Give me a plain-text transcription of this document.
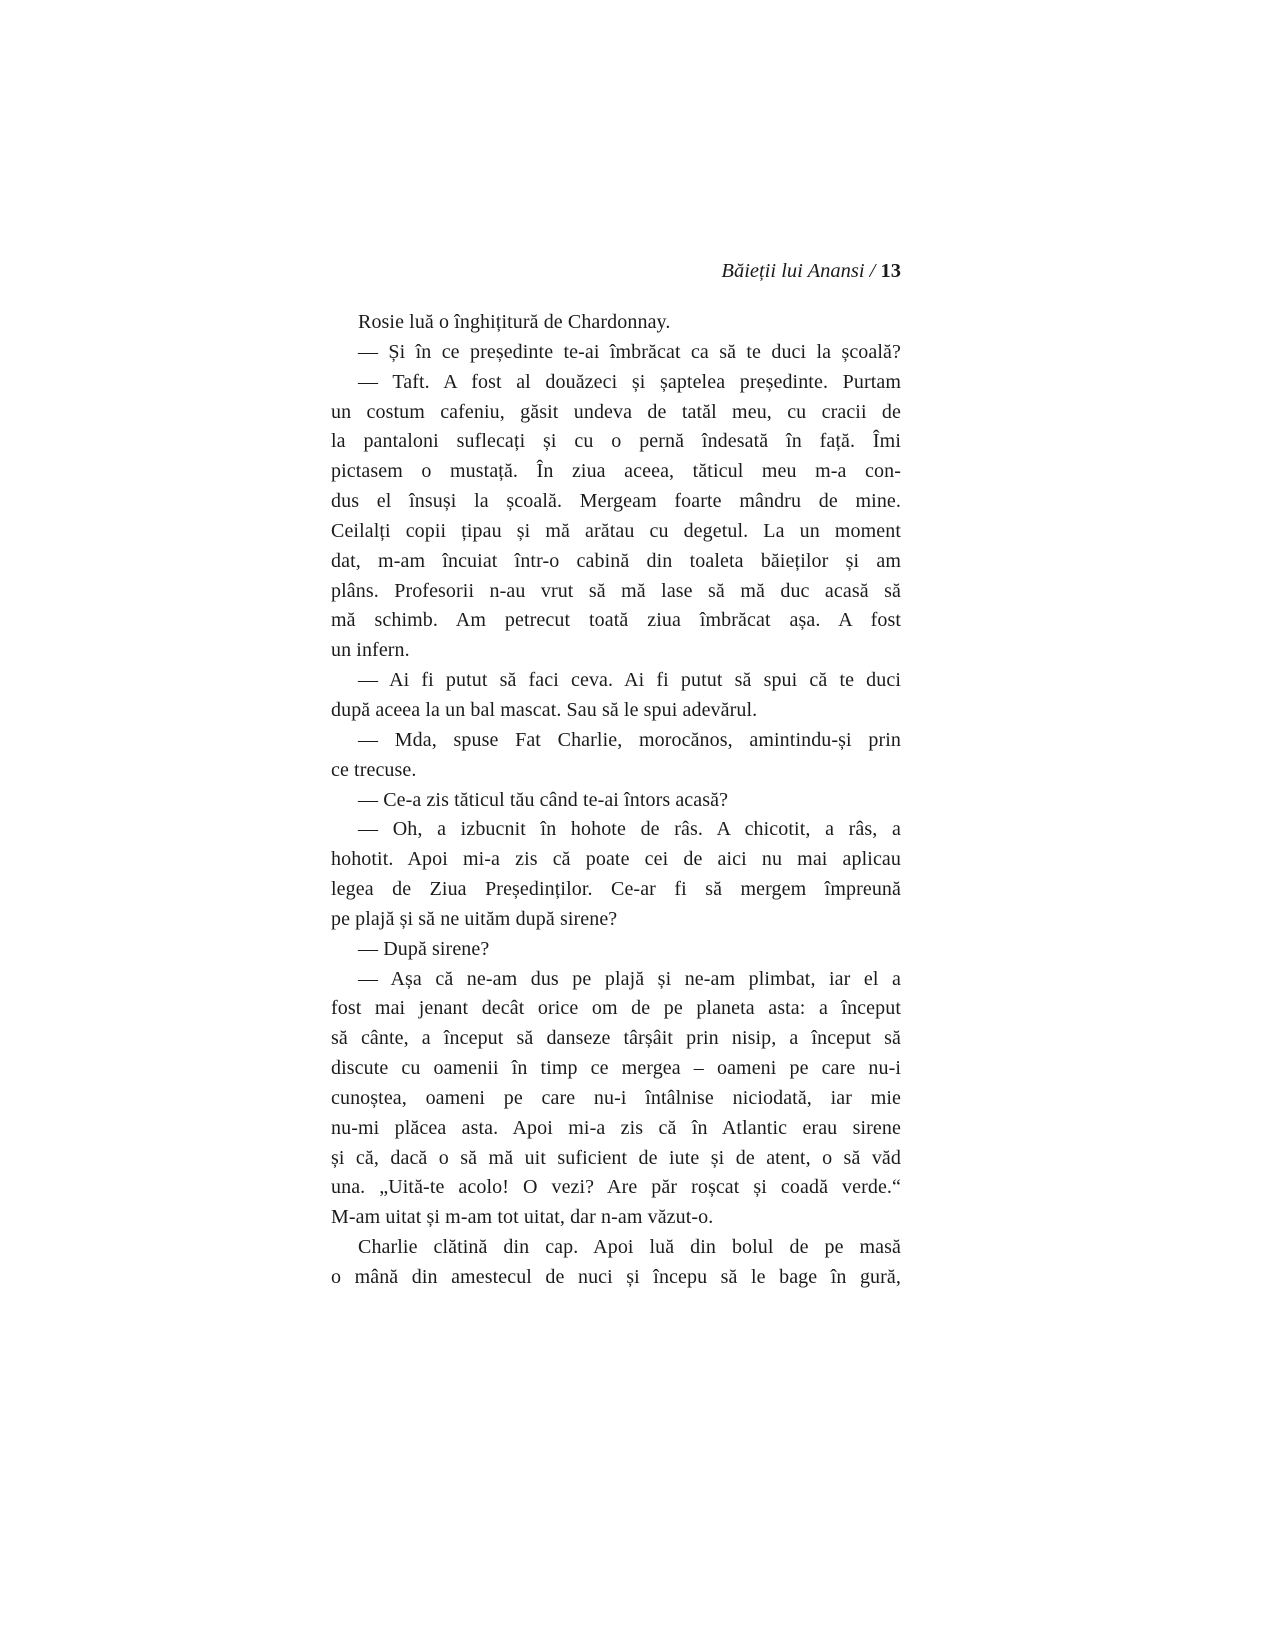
Băieții lui Anansi / 13
Rosie luă o înghițitură de Chardonnay.
— Și în ce președinte te-ai îmbrăcat ca să te duci la școală?
— Taft. A fost al douăzeci și șaptelea președinte. Purtam
un costum cafeniu, găsit undeva de tatăl meu, cu cracii de
la pantaloni suflecați și cu o pernă îndesată în față. Îmi
pictasem o mustață. În ziua aceea, tăticul meu m-a con-
dus el însuși la școală. Mergeam foarte mândru de mine.
Ceilalți copii țipau și mă arătau cu degetul. La un moment
dat, m-am încuiat într-o cabină din toaleta băieților și am
plâns. Profesorii n-au vrut să mă lase să mă duc acasă să
mă schimb. Am petrecut toată ziua îmbrăcat așa. A fost
un infern.
— Ai fi putut să faci ceva. Ai fi putut să spui că te duci
după aceea la un bal mascat. Sau să le spui adevărul.
— Mda, spuse Fat Charlie, morocănos, amintindu-și prin
ce trecuse.
— Ce-a zis tăticul tău când te-ai întors acasă?
— Oh, a izbucnit în hohote de râs. A chicotit, a râs, a
hohotit. Apoi mi-a zis că poate cei de aici nu mai aplicau
legea de Ziua Președinților. Ce-ar fi să mergem împreună
pe plajă și să ne uităm după sirene?
— După sirene?
— Așa că ne-am dus pe plajă și ne-am plimbat, iar el a
fost mai jenant decât orice om de pe planeta asta: a început
să cânte, a început să danseze târșâit prin nisip, a început să
discute cu oamenii în timp ce mergea – oameni pe care nu-i
cunoștea, oameni pe care nu-i întâlnise niciodată, iar mie
nu-mi plăcea asta. Apoi mi-a zis că în Atlantic erau sirene
și că, dacă o să mă uit suficient de iute și de atent, o să văd
una. „Uită-te acolo! O vezi? Are păr roșcat și coadă verde.“
M-am uitat și m-am tot uitat, dar n-am văzut-o.
Charlie clătină din cap. Apoi luă din bolul de pe masă
o mână din amestecul de nuci și începu să le bage în gură,
